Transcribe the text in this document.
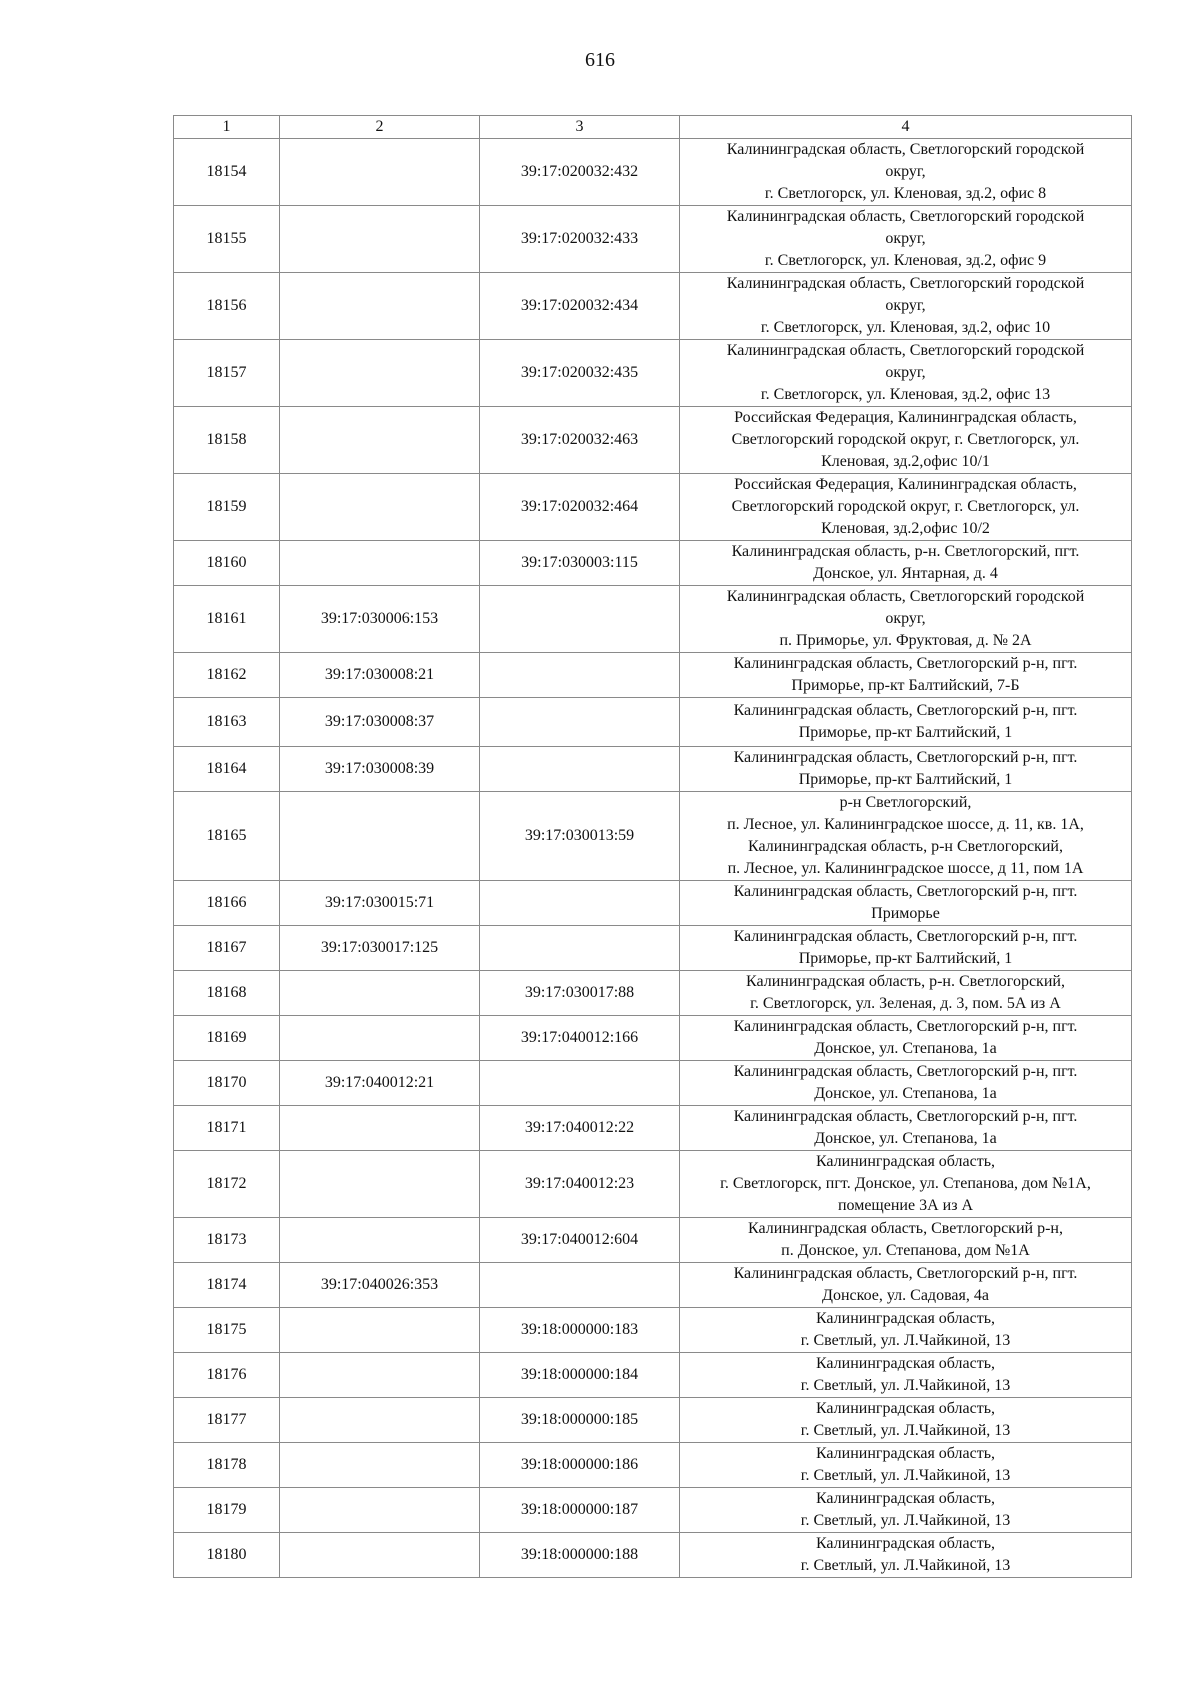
616
1	2	3	4
18154		39:17:020032:432	Калининградская область, Светлогорский городской
округ,
г. Светлогорск, ул. Кленовая, зд.2, офис 8

18155		39:17:020032:433	Калининградская область, Светлогорский городской
округ,
г. Светлогорск, ул. Кленовая, зд.2, офис 9

18156		39:17:020032:434	Калининградская область, Светлогорский городской
округ,
г. Светлогорск, ул. Кленовая, зд.2, офис 10

18157		39:17:020032:435	Калининградская область, Светлогорский городской
округ,
г. Светлогорск, ул. Кленовая, зд.2, офис 13

18158		39:17:020032:463	Российская Федерация, Калининградская область,
Светлогорский городской округ, г. Светлогорск, ул.
Кленовая, зд.2,офис 10/1

18159		39:17:020032:464	Российская Федерация, Калининградская область,
Светлогорский городской округ, г. Светлогорск, ул.
Кленовая, зд.2,офис 10/2

18160		39:17:030003:115	Калининградская область, р-н. Светлогорский, пгт.
Донское, ул. Янтарная, д. 4

18161	39:17:030006:153		Калининградская область, Светлогорский городской
округ,
п. Приморье, ул. Фруктовая, д. № 2А

18162	39:17:030008:21		Калининградская область, Светлогорский р-н, пгт.
Приморье, пр-кт Балтийский, 7-Б

18163	39:17:030008:37		Калининградская область, Светлогорский р-н, пгт.
Приморье, пр-кт Балтийский, 1

18164	39:17:030008:39		Калининградская область, Светлогорский р-н, пгт.
Приморье, пр-кт Балтийский, 1

18165		39:17:030013:59	р-н Светлогорский,
п. Лесное, ул. Калининградское шоссе, д. 11, кв. 1А,
Калининградская область, р-н Светлогорский,
п. Лесное, ул. Калининградское шоссе, д 11, пом 1А

18166	39:17:030015:71		Калининградская область, Светлогорский р-н, пгт.
Приморье

18167	39:17:030017:125		Калининградская область, Светлогорский р-н, пгт.
Приморье, пр-кт Балтийский, 1

18168		39:17:030017:88	Калининградская область, р-н. Светлогорский,
г. Светлогорск, ул. Зеленая, д. 3, пом. 5А из А

18169		39:17:040012:166	Калининградская область, Светлогорский р-н, пгт.
Донское, ул. Степанова, 1а

18170	39:17:040012:21		Калининградская область, Светлогорский р-н, пгт.
Донское, ул. Степанова, 1а

18171		39:17:040012:22	Калининградская область, Светлогорский р-н, пгт.
Донское, ул. Степанова, 1а

18172		39:17:040012:23	Калининградская область,
г. Светлогорск, пгт. Донское, ул. Степанова, дом №1А,
помещение 3А из А

18173		39:17:040012:604	Калининградская область, Светлогорский р-н,
п. Донское, ул. Степанова, дом №1А

18174	39:17:040026:353		Калининградская область, Светлогорский р-н, пгт.
Донское, ул. Садовая, 4а

18175		39:18:000000:183	Калининградская область,
г. Светлый, ул. Л.Чайкиной, 13

18176		39:18:000000:184	Калининградская область,
г. Светлый, ул. Л.Чайкиной, 13

18177		39:18:000000:185	Калининградская область,
г. Светлый, ул. Л.Чайкиной, 13

18178		39:18:000000:186	Калининградская область,
г. Светлый, ул. Л.Чайкиной, 13

18179		39:18:000000:187	Калининградская область,
г. Светлый, ул. Л.Чайкиной, 13

18180		39:18:000000:188	Калининградская область,
г. Светлый, ул. Л.Чайкиной, 13
